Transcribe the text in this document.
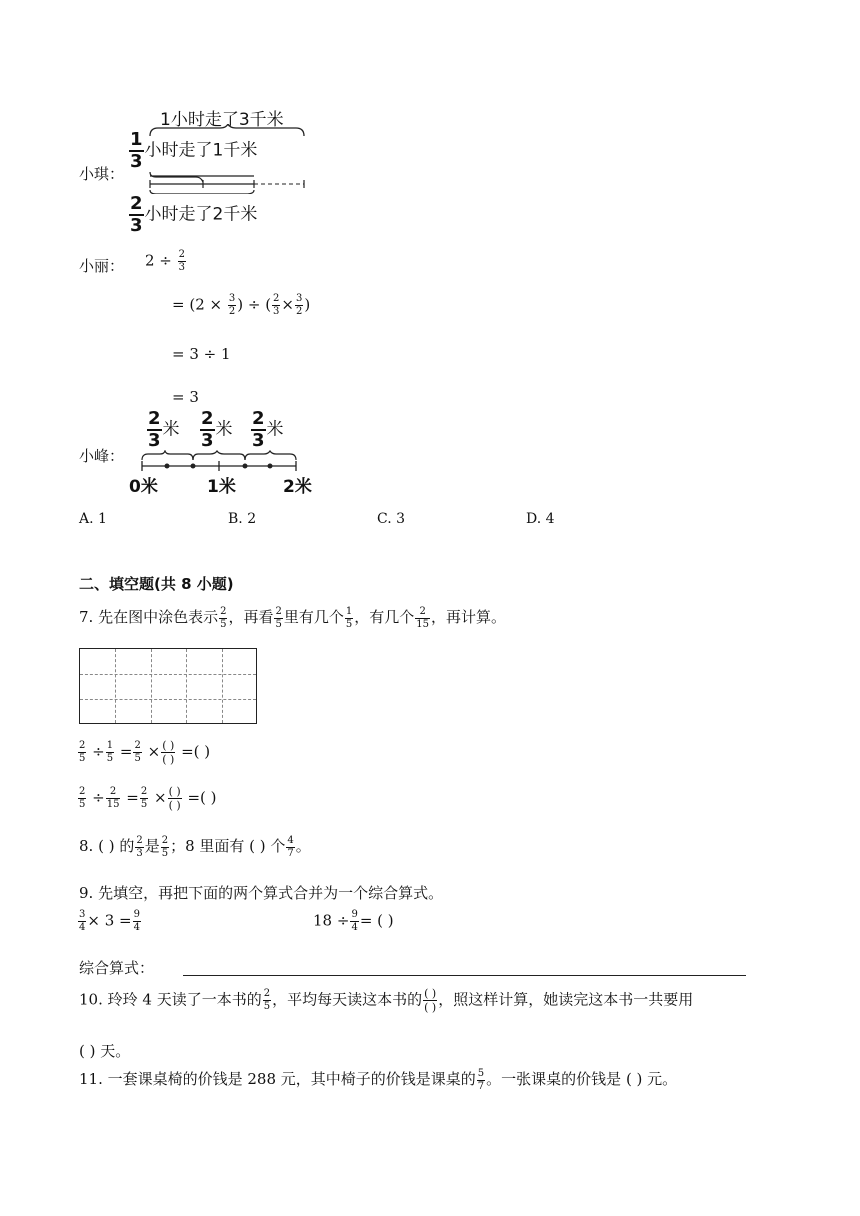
小琪：
1小时走了3千米
$\frac{1}{3}$ 小时走了1千米
$\frac{2}{3}$ 小时走了2千米
小丽： $2 \div \frac{2}{3}$
= ($2 \times \frac{3}{2}$ ) ÷ ( $\frac{2}{3} \times \frac{3}{2}$ )
= 3 ÷ 1
= 3
小峰：
$\frac{2}{3}$ 米 $\frac{2}{3}$ 米 $\frac{2}{3}$ 米
0米	1米	2米
A. 1	B. 2	C. 3	D. 4
二、填空题(共 8 小题)
7. 先在图中涂色表示 $\frac{2}{5}$ ，再看 $\frac{2}{5}$ 里有几个 $\frac{1}{5}$ ，有几个 $\frac{2}{15}$ ，再计算。
$\frac{2}{5} \div \frac{1}{5} = \frac{2}{5} \times \frac{( )}{( )}$ =( )
$\frac{2}{5} \div \frac{2}{15} = \frac{2}{5} \times \frac{( )}{( )}$ =( )
8. ( ) 的 $\frac{2}{3}$ 是 $\frac{2}{5}$ ；8 里面有 ( ) 个 $\frac{4}{7}$ 。
9. 先填空，再把下面的两个算式合并为一个综合算式。
$\frac{3}{4} \times 3 = \frac{9}{4}$	$18 \div \frac{9}{4}$ = ( )
综合算式：
10. 玲玲 4 天读了一本书的 $\frac{2}{5}$ ，平均每天读这本书的 $\frac{( )}{( )}$ ，照这样计算，她读完这本书一共要用
( ) 天。
11. 一套课桌椅的价钱是 288 元，其中椅子的价钱是课桌的 $\frac{5}{7}$ 。一张课桌的价钱是 ( ) 元。
